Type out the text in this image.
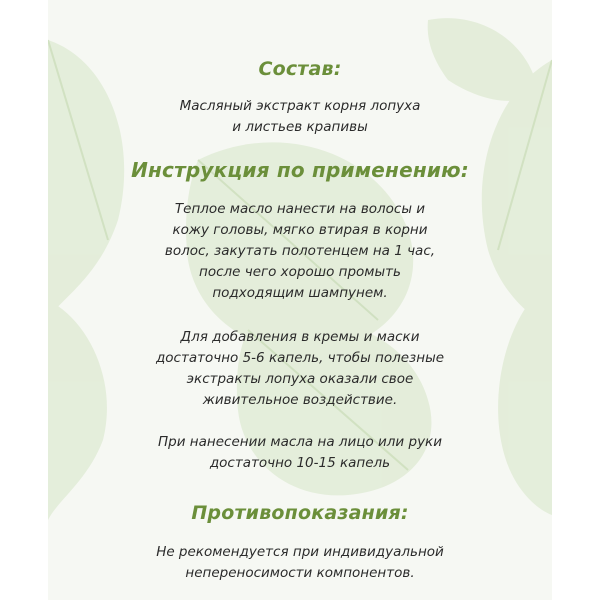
Состав:
Масляный экстракт корня лопуха
и листьев крапивы
Инструкция по применению:
Теплое масло нанести на волосы и
кожу головы, мягко втирая в корни
волос, закутать полотенцем на 1 час,
после чего хорошо промыть
подходящим шампунем.
Для добавления в кремы и маски
достаточно 5-6 капель, чтобы полезные
экстракты лопуха оказали свое
живительное воздействие.
При нанесении масла на лицо или руки
достаточно 10-15 капель
Противопоказания:
Не рекомендуется при индивидуальной
непереносимости компонентов.
